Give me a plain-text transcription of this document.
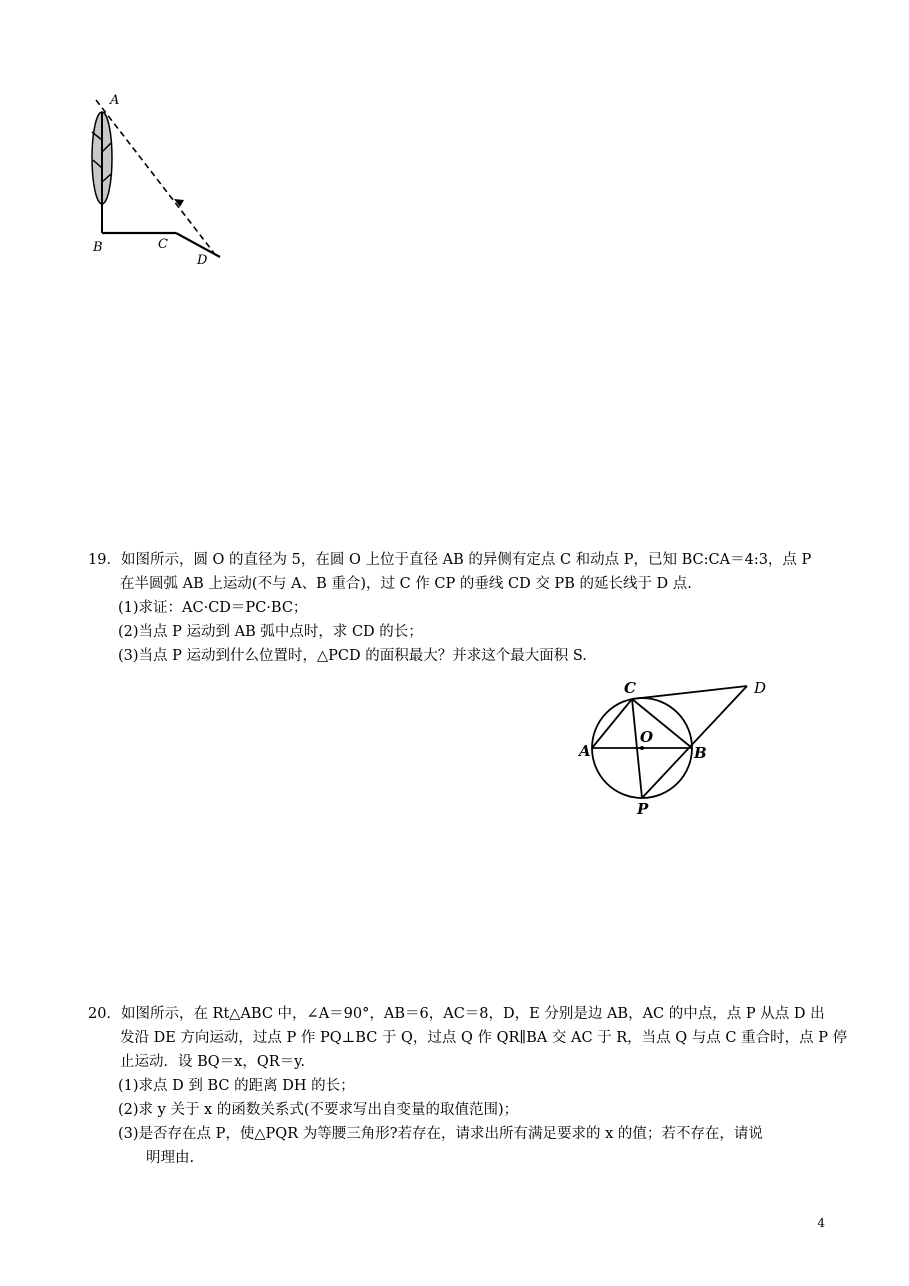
A
B	C
D
19．如图所示，圆 O 的直径为 5，在圆 O 上位于直径 AB 的异侧有定点 C 和动点 P，已知 BC:CA＝4:3，点 P
在半圆弧 AB 上运动(不与 A、B 重合)，过 C 作 CP 的垂线 CD 交 PB 的延长线于 D 点.
(1)求证：AC·CD＝PC·BC；
(2)当点 P 运动到 AB 弧中点时，求 CD 的长；
(3)当点 P 运动到什么位置时，△PCD 的面积最大？并求这个最大面积 S.
C	D
A
O
B
P
20．如图所示，在 Rt△ABC 中，∠A＝90°，AB＝6，AC＝8，D，E 分别是边 AB，AC 的中点，点 P 从点 D 出
发沿 DE 方向运动，过点 P 作 PQ⊥BC 于 Q，过点 Q 作 QR∥BA 交 AC 于 R，当点 Q 与点 C 重合时，点 P 停
止运动．设 BQ＝x，QR＝y.
(1)求点 D 到 BC 的距离 DH 的长；
(2)求 y 关于 x 的函数关系式(不要求写出自变量的取值范围)；
(3)是否存在点 P，使△PQR 为等腰三角形?若存在，请求出所有满足要求的 x 的值；若不存在，请说
明理由.
4
